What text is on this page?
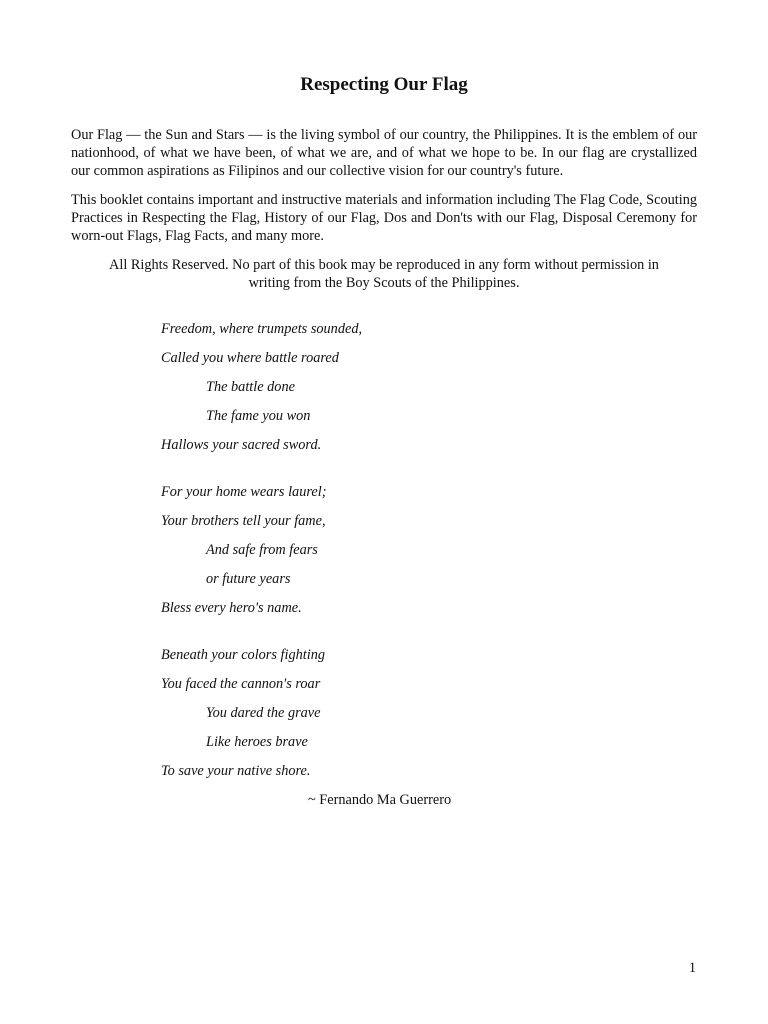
Respecting Our Flag

Our Flag — the Sun and Stars — is the living symbol of our country, the Philippines. It is the emblem of our nationhood, of what we have been, of what we are, and of what we hope to be. In our flag are crystallized our common aspirations as Filipinos and our collective vision for our country's future.

This booklet contains important and instructive materials and information including The Flag Code, Scouting Practices in Respecting the Flag, History of our Flag, Dos and Don'ts with our Flag, Disposal Ceremony for worn-out Flags, Flag Facts, and many more.

All Rights Reserved. No part of this book may be reproduced in any form without permission in writing from the Boy Scouts of the Philippines.

Freedom, where trumpets sounded,
Called you where battle roared
The battle done
The fame you won
Hallows your sacred sword.
For your home wears laurel;
Your brothers tell your fame,
And safe from fears
or future years
Bless every hero's name.
Beneath your colors fighting
You faced the cannon's roar
You dared the grave
Like heroes brave
To save your native shore.

~ Fernando Ma Guerrero

1
